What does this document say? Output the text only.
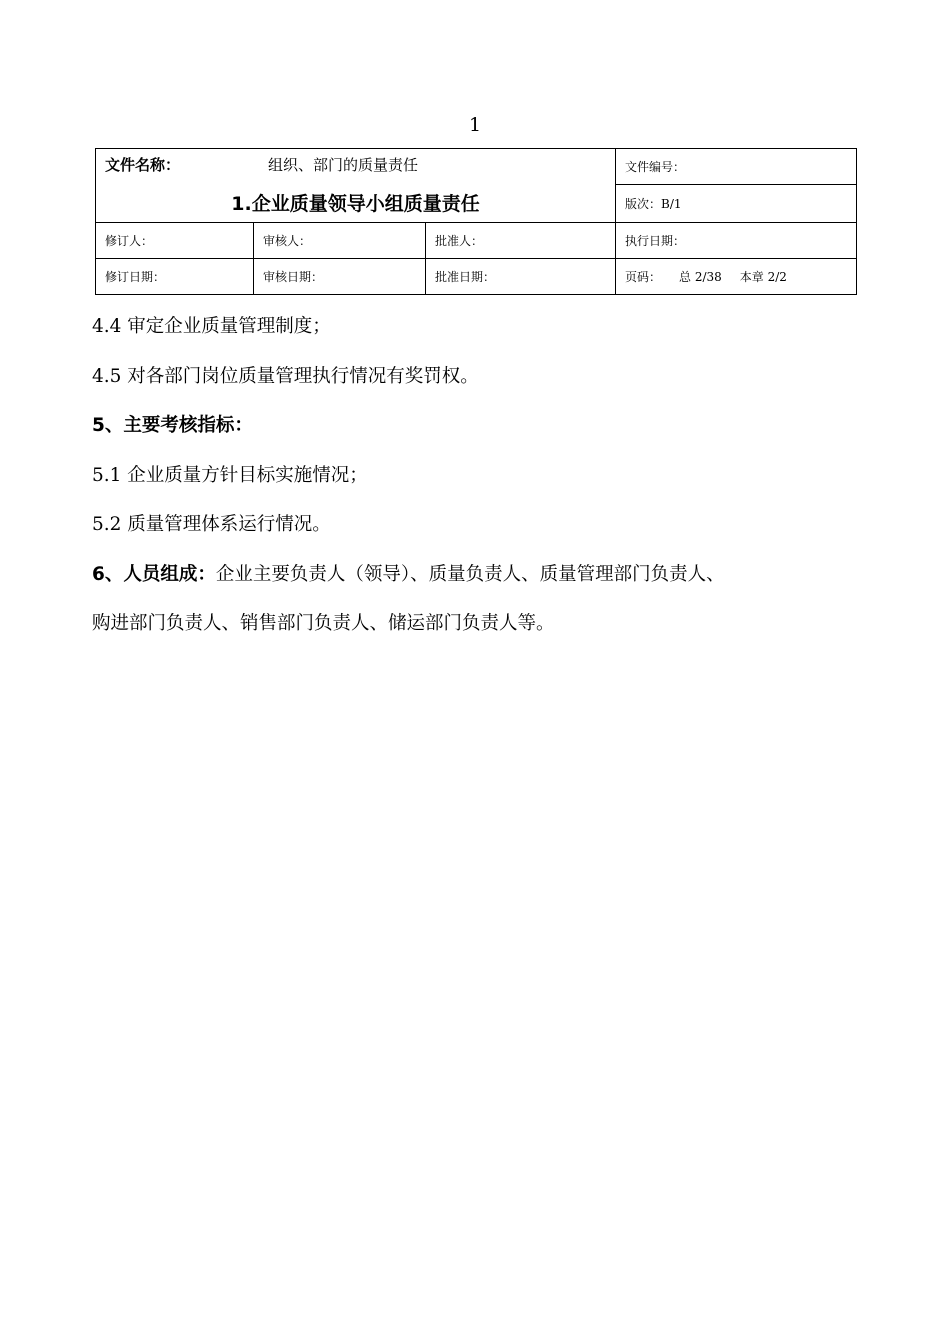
1
文件名称： 组织、部门的质量责任
1.企业质量领导小组质量责任			文件编号：
			版次：B/1
修订人：	审核人：	批准人：	执行日期：
修订日期：	审核日期：	批准日期：	页码： 总 2/38 本章 2/2

4.4 审定企业质量管理制度；

4.5 对各部门岗位质量管理执行情况有奖罚权。

5、主要考核指标：

5.1 企业质量方针目标实施情况；

5.2 质量管理体系运行情况。

6、人员组成：企业主要负责人（领导）、质量负责人、质量管理部门负责人、

购进部门负责人、销售部门负责人、储运部门负责人等。
